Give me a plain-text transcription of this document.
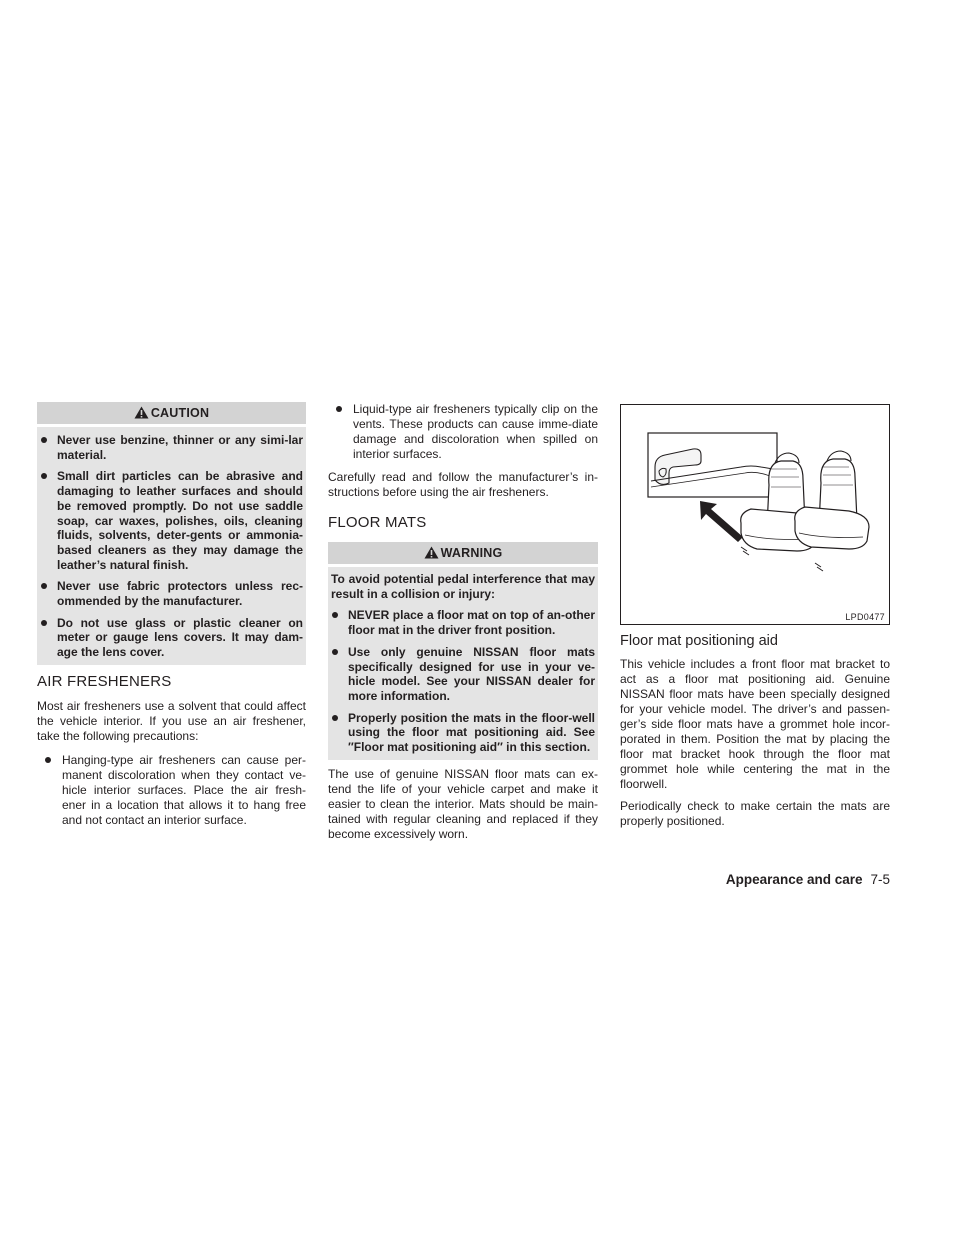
CAUTION
Never use benzine, thinner or any simi-lar material.
Small dirt particles can be abrasive and damaging to leather surfaces and should be removed promptly. Do not use saddle soap, car waxes, polishes, oils, cleaning fluids, solvents, deter-gents or ammonia-based cleaners as they may damage the leather’s natural finish.
Never use fabric protectors unless rec-ommended by the manufacturer.
Do not use glass or plastic cleaner on meter or gauge lens covers. It may dam-age the lens cover.
AIR FRESHENERS

Most air fresheners use a solvent that could affect the vehicle interior. If you use an air freshener, take the following precautions:

Hanging-type air fresheners can cause per-manent discoloration when they contact ve-hicle interior surfaces. Place the air fresh-ener in a location that allows it to hang free and not contact an interior surface.
Liquid-type air fresheners typically clip on the vents. These products can cause imme-diate damage and discoloration when spilled on interior surfaces.

Carefully read and follow the manufacturer’s in-structions before using the air fresheners.

FLOOR MATS
WARNING

To avoid potential pedal interference that may result in a collision or injury:

NEVER place a floor mat on top of an-other floor mat in the driver front position.
Use only genuine NISSAN floor mats specifically designed for use in your ve-hicle model. See your NISSAN dealer for more information.
Properly position the mats in the floor-well using the floor mat positioning aid. See ″Floor mat positioning aid″ in this section.

The use of genuine NISSAN floor mats can ex-tend the life of your vehicle carpet and make it easier to clean the interior. Mats should be main-tained with regular cleaning and replaced if they become excessively worn.

LPD0477
Floor mat positioning aid

This vehicle includes a front floor mat bracket to act as a floor mat positioning aid. Genuine NISSAN floor mats have been specially designed for your vehicle model. The driver’s and passen-ger’s side floor mats have a grommet hole incor-porated in them. Position the mat by placing the floor mat bracket hook through the floor mat grommet hole while centering the mat in the floorwell.

Periodically check to make certain the mats are properly positioned.

Appearance and care 7-5
